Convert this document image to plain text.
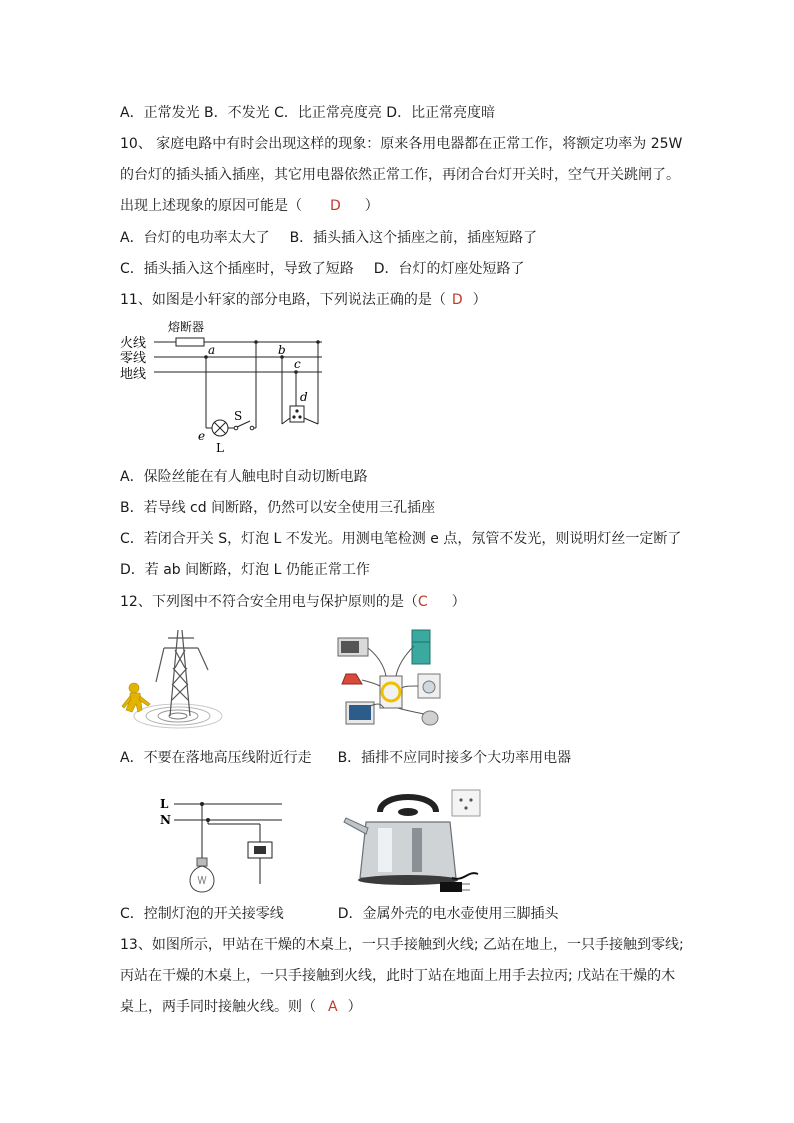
A．正常发光 B．不发光 C．比正常亮度亮 D．比正常亮度暗
10、 家庭电路中有时会出现这样的现象：原来各用电器都在正常工作，将额定功率为 25W
的台灯的插头插入插座，其它用电器依然正常工作，再闭合台灯开关时，空气开关跳闸了。
出现上述现象的原因可能是（ D ）
A．台灯的电功率太大了 B．插头插入这个插座之前，插座短路了
C．插头插入这个插座时，导致了短路 D．台灯的灯座处短路了
11、如图是小轩家的部分电路，下列说法正确的是（ D ）
熔断器
火线
零线
地线
a
e
S
L
b
c
d
A．保险丝能在有人触电时自动切断电路
B．若导线 cd 间断路，仍然可以安全使用三孔插座
C．若闭合开关 S，灯泡 L 不发光。用测电笔检测 e 点，氖管不发光，则说明灯丝一定断了
D．若 ab 间断路，灯泡 L 仍能正常工作
12、下列图中不符合安全用电与保护原则的是（C ）
A．不要在落地高压线附近行走 B．插排不应同时接多个大功率用电器
L
N
C．控制灯泡的开关接零线	D．金属外壳的电水壶使用三脚插头
13、如图所示，甲站在干燥的木桌上，一只手接触到火线; 乙站在地上，一只手接触到零线;
丙站在干燥的木桌上，一只手接触到火线，此时丁站在地面上用手去拉丙; 戊站在干燥的木
桌上，两手同时接触火线。则（ A ）
